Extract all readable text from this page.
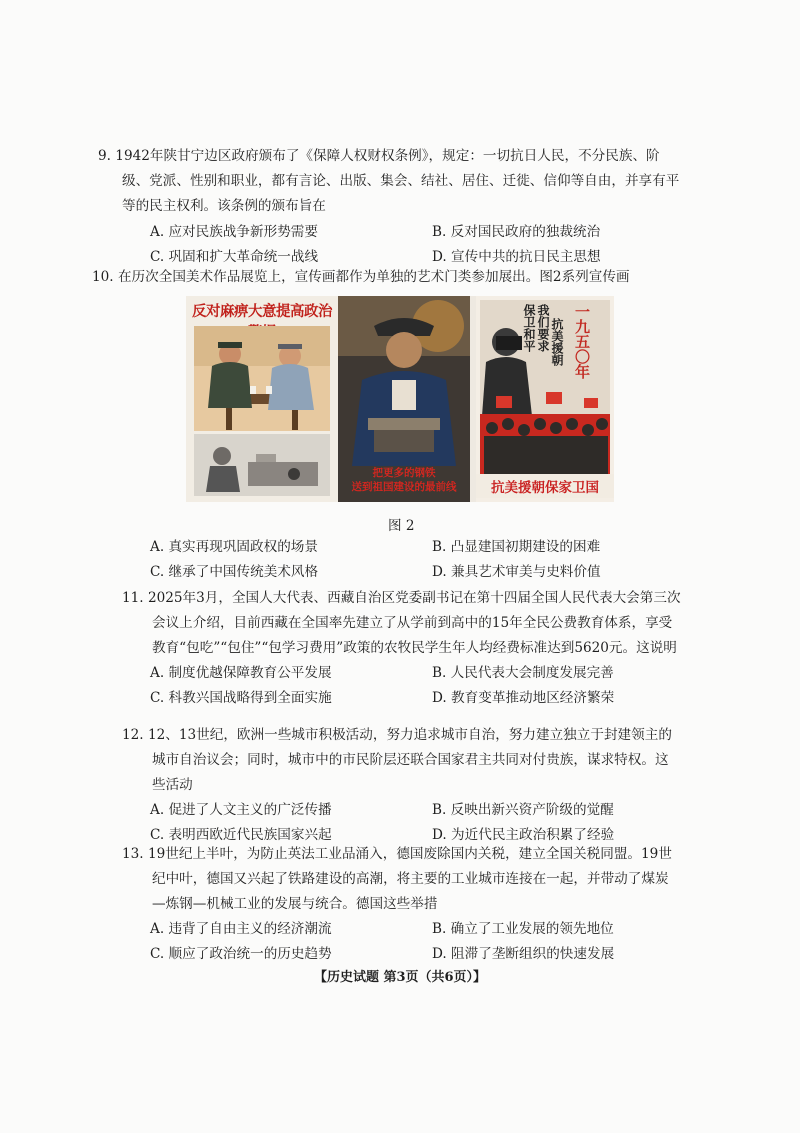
9. 1942年陕甘宁边区政府颁布了《保障人权财权条例》，规定：一切抗日人民，不分民族、阶级、党派、性别和职业，都有言论、出版、集会、结社、居住、迁徙、信仰等自由，并享有平等的民主权利。该条例的颁布旨在

A. 应对民族战争新形势需要	B. 反对国民政府的独裁统治
C. 巩固和扩大革命统一战线	D. 宣传中共的抗日民主思想

10. 在历次全国美术作品展览上，宣传画都作为单独的艺术门类参加展出。图2系列宣传画

反对麻痹大意提高政治
把更多的钢铁
送到祖国建设的最前线
保卫和平 我们要求 抗美援朝 一九五〇年
抗美援朝保家卫国
图 2
A. 真实再现巩固政权的场景	B. 凸显建国初期建设的困难
C. 继承了中国传统美术风格	D. 兼具艺术审美与史料价值

11. 2025年3月，全国人大代表、西藏自治区党委副书记在第十四届全国人民代表大会第三次会议上介绍，目前西藏在全国率先建立了从学前到高中的15年全民公费教育体系，享受教育“包吃”“包住”“包学习费用”政策的农牧民学生年人均经费标准达到5620元。这说明

A. 制度优越保障教育公平发展	B. 人民代表大会制度发展完善
C. 科教兴国战略得到全面实施	D. 教育变革推动地区经济繁荣

12. 12、13世纪，欧洲一些城市积极活动，努力追求城市自治，努力建立独立于封建领主的城市自治议会；同时，城市中的市民阶层还联合国家君主共同对付贵族，谋求特权。这些活动

A. 促进了人文主义的广泛传播	B. 反映出新兴资产阶级的觉醒
C. 表明西欧近代民族国家兴起	D. 为近代民主政治积累了经验

13. 19世纪上半叶，为防止英法工业品涌入，德国废除国内关税，建立全国关税同盟。19世纪中叶，德国又兴起了铁路建设的高潮，将主要的工业城市连接在一起，并带动了煤炭—炼钢—机械工业的发展与统合。德国这些举措

A. 违背了自由主义的经济潮流	B. 确立了工业发展的领先地位
C. 顺应了政治统一的历史趋势	D. 阻滞了垄断组织的快速发展
【历史试题 第3页（共6页）】
